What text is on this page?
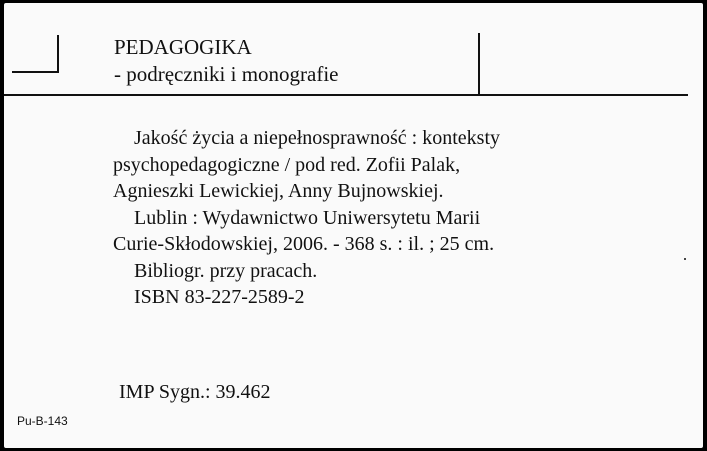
PEDAGOGIKA
- podręczniki i monografie
Jakość życia a niepełnosprawność : konteksty
psychopedagogiczne / pod red. Zofii Palak,
Agnieszki Lewickiej, Anny Bujnowskiej.
Lublin : Wydawnictwo Uniwersytetu Marii
Curie-Skłodowskiej, 2006. - 368 s. : il. ; 25 cm.
Bibliogr. przy pracach.
ISBN 83-227-2589-2
IMP Sygn.: 39.462
Pu-B-143
